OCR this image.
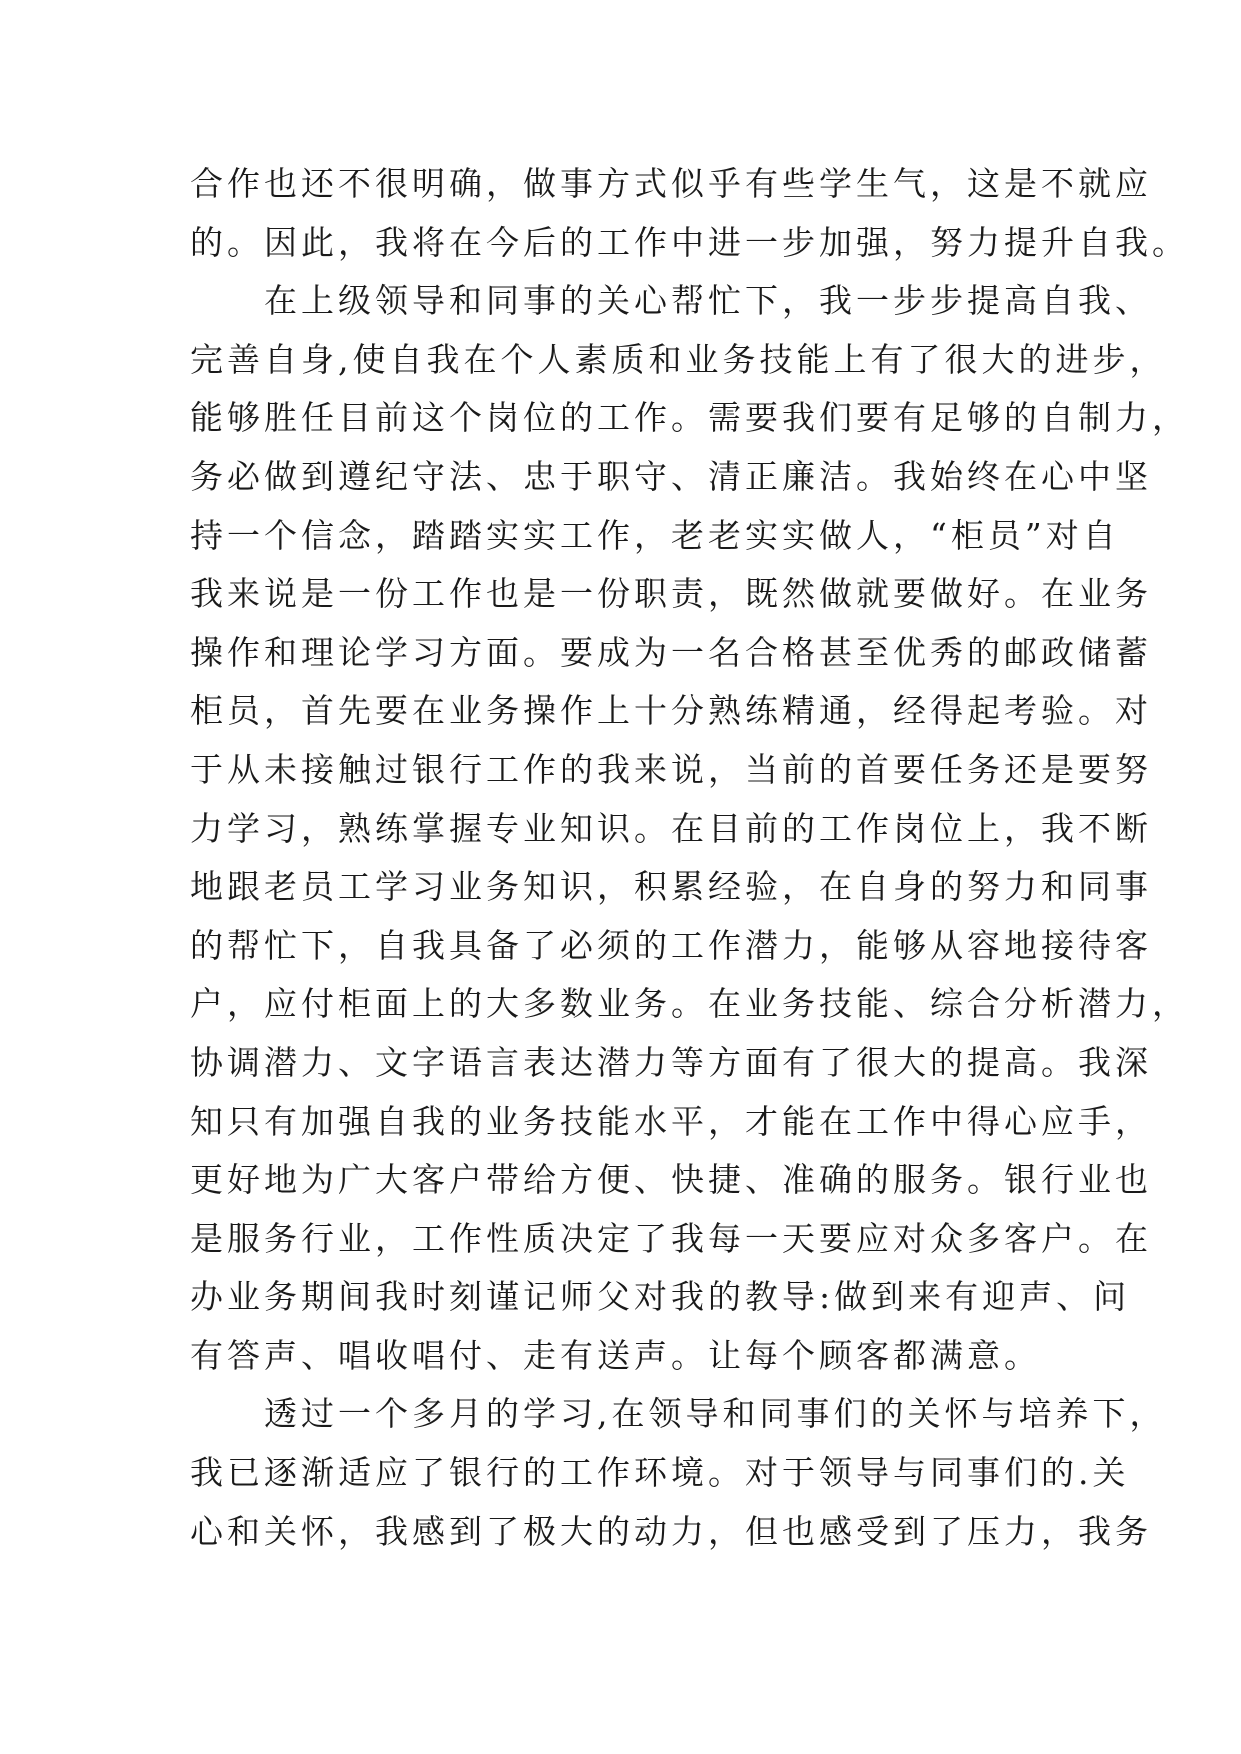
合作也还不很明确，做事方式似乎有些学生气，这是不就应
的。因此，我将在今后的工作中进一步加强，努力提升自我。
　　在上级领导和同事的关心帮忙下，我一步步提高自我、
完善自身,使自我在个人素质和业务技能上有了很大的进步，
能够胜任目前这个岗位的工作。需要我们要有足够的自制力，
务必做到遵纪守法、忠于职守、清正廉洁。我始终在心中坚
持一个信念，踏踏实实工作，老老实实做人，“柜员”对自
我来说是一份工作也是一份职责，既然做就要做好。在业务
操作和理论学习方面。要成为一名合格甚至优秀的邮政储蓄
柜员，首先要在业务操作上十分熟练精通，经得起考验。对
于从未接触过银行工作的我来说，当前的首要任务还是要努
力学习，熟练掌握专业知识。在目前的工作岗位上，我不断
地跟老员工学习业务知识，积累经验，在自身的努力和同事
的帮忙下，自我具备了必须的工作潜力，能够从容地接待客
户，应付柜面上的大多数业务。在业务技能、综合分析潜力，
协调潜力、文字语言表达潜力等方面有了很大的提高。我深
知只有加强自我的业务技能水平，才能在工作中得心应手，
更好地为广大客户带给方便、快捷、准确的服务。银行业也
是服务行业，工作性质决定了我每一天要应对众多客户。在
办业务期间我时刻谨记师父对我的教导:做到来有迎声、问
有答声、唱收唱付、走有送声。让每个顾客都满意。
　　透过一个多月的学习,在领导和同事们的关怀与培养下，
我已逐渐适应了银行的工作环境。对于领导与同事们的.关
心和关怀，我感到了极大的动力，但也感受到了压力，我务
